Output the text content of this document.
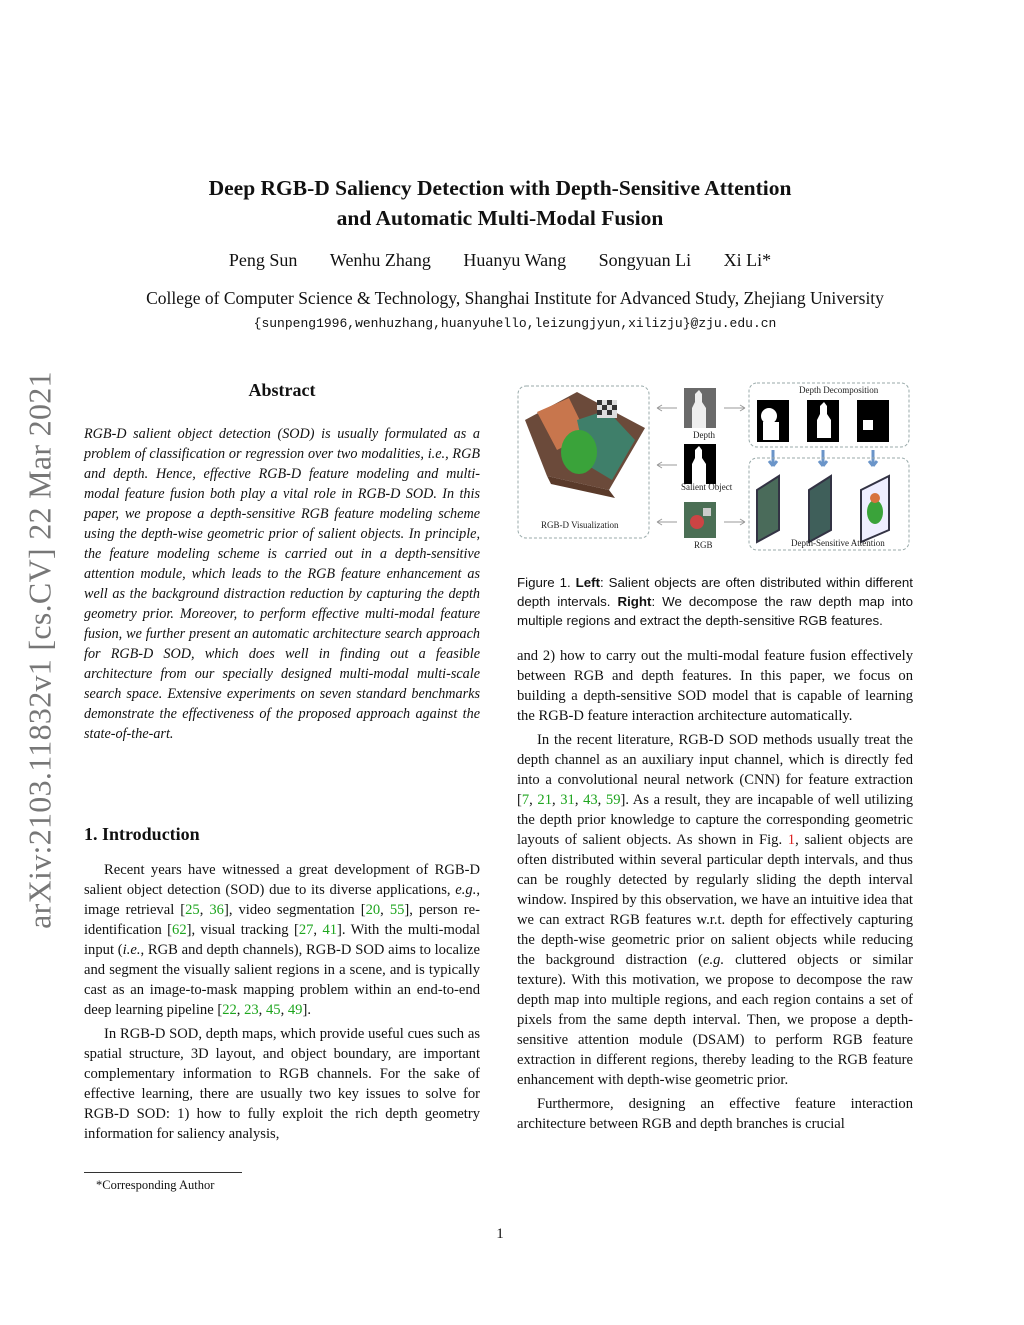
Deep RGB-D Saliency Detection with Depth-Sensitive Attention
and Automatic Multi-Modal Fusion
Peng Sun Wenhu Zhang Huanyu Wang Songyuan Li Xi Li*
College of Computer Science & Technology, Shanghai Institute for Advanced Study, Zhejiang University
{sunpeng1996,wenhuzhang,huanyuhello,leizungjyun,xilizju}@zju.edu.cn
arXiv:2103.11832v1 [cs.CV] 22 Mar 2021	Abstract
RGB-D salient object detection (SOD) is usually formulated as a problem of classification or regression over two modalities, i.e., RGB and depth. Hence, effective RGB-D feature modeling and multi-modal feature fusion both play a vital role in RGB-D SOD. In this paper, we propose a depth-sensitive RGB feature modeling scheme using the depth-wise geometric prior of salient objects. In principle, the feature modeling scheme is carried out in a depth-sensitive attention module, which leads to the RGB feature enhancement as well as the background distraction reduction by capturing the depth geometry prior. Moreover, to perform effective multi-modal feature fusion, we further present an automatic architecture search approach for RGB-D SOD, which does well in finding out a feasible architecture from our specially designed multi-modal multi-scale search space. Extensive experiments on seven standard benchmarks demonstrate the effectiveness of the proposed approach against the state-of-the-art.
1. Introduction

Recent years have witnessed a great development of RGB-D salient object detection (SOD) due to its diverse applications, e.g., image retrieval [25, 36], video segmentation [20, 55], person re-identification [62], visual tracking [27, 41]. With the multi-modal input (i.e., RGB and depth channels), RGB-D SOD aims to localize and segment the visually salient regions in a scene, and is typically cast as an image-to-mask mapping problem within an end-to-end deep learning pipeline [22, 23, 45, 49].

In RGB-D SOD, depth maps, which provide useful cues such as spatial structure, 3D layout, and object boundary, are important complementary information to RGB channels. For the sake of effective learning, there are usually two key issues to solve for RGB-D SOD: 1) how to fully exploit the rich depth geometry information for saliency analysis,

*Corresponding Author
RGB-D Visualization
Depth
Salient Object
RGB
Depth Decomposition
Depth-Sensitive Attention
Figure 1. Left: Salient objects are often distributed within different depth intervals. Right: We decompose the raw depth map into multiple regions and extract the depth-sensitive RGB features.

and 2) how to carry out the multi-modal feature fusion effectively between RGB and depth features. In this paper, we focus on building a depth-sensitive SOD model that is capable of learning the RGB-D feature interaction architecture automatically.

In the recent literature, RGB-D SOD methods usually treat the depth channel as an auxiliary input channel, which is directly fed into a convolutional neural network (CNN) for feature extraction [7, 21, 31, 43, 59]. As a result, they are incapable of well utilizing the depth prior knowledge to capture the corresponding geometric layouts of salient objects. As shown in Fig. 1, salient objects are often distributed within several particular depth intervals, and thus can be roughly detected by regularly sliding the depth interval window. Inspired by this observation, we have an intuitive idea that we can extract RGB features w.r.t. depth for effectively capturing the depth-wise geometric prior on salient objects while reducing the background distraction (e.g. cluttered objects or similar texture). With this motivation, we propose to decompose the raw depth map into multiple regions, and each region contains a set of pixels from the same depth interval. Then, we propose a depth-sensitive attention module (DSAM) to perform RGB feature extraction in different regions, thereby leading to the RGB feature enhancement with depth-wise geometric prior.

Furthermore, designing an effective feature interaction architecture between RGB and depth branches is crucial

1
